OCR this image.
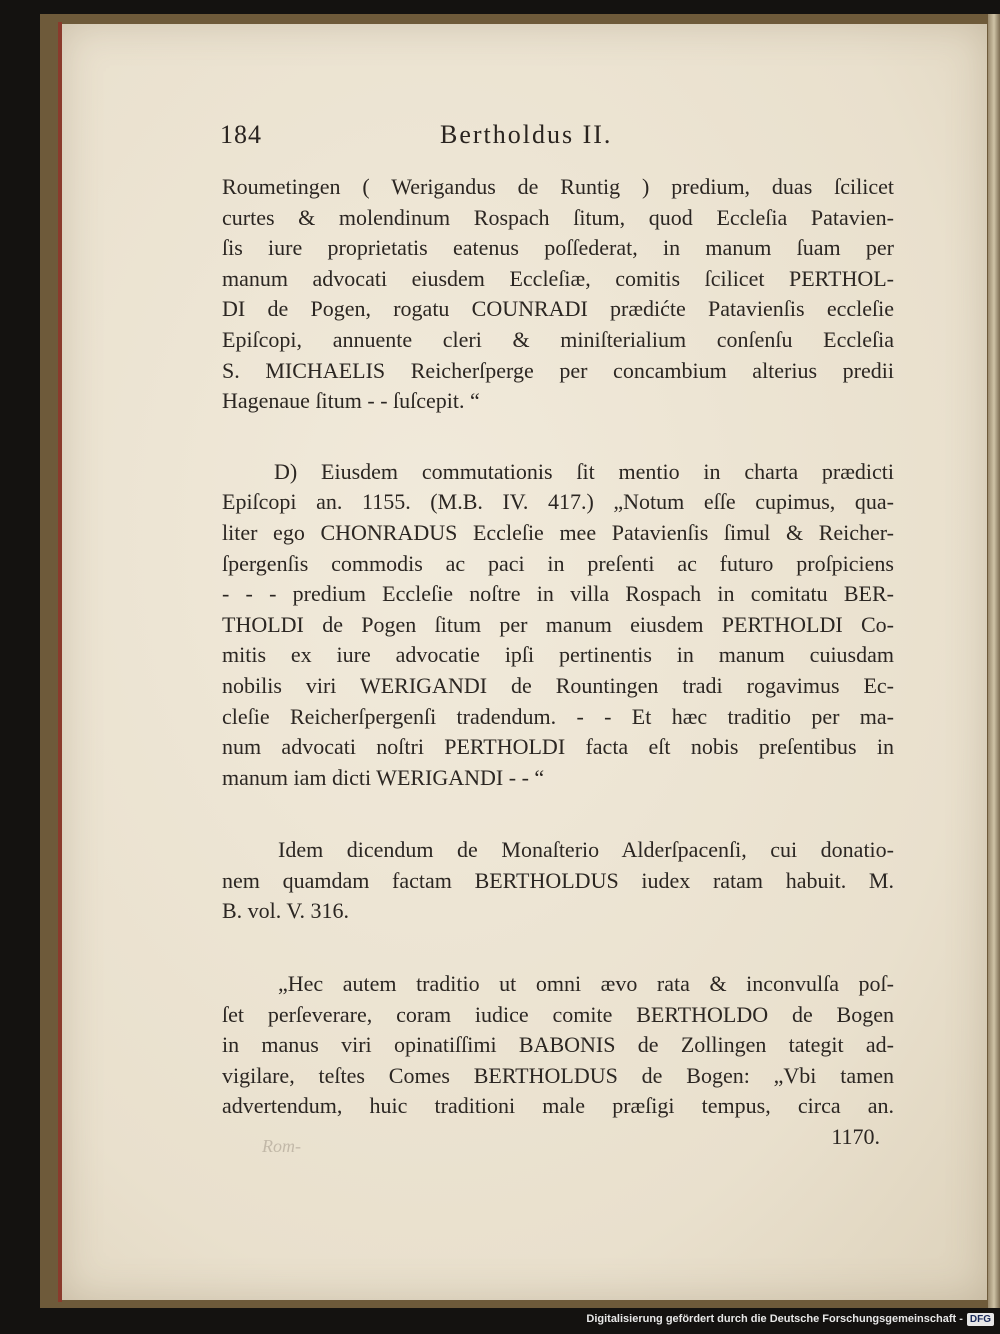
184	Bertholdus II.
Roumetingen ( Werigandus de Runtig ) predium, duas ſcilicet
curtes & molendinum Rospach ſitum, quod Eccleſia Patavien-
ſis iure proprietatis eatenus poſſederat, in manum ſuam per
manum advocati eiusdem Eccleſiæ, comitis ſcilicet PERTHOL-
DI de Pogen, rogatu COUNRADI prædićte Patavienſis eccleſie
Epiſcopi, annuente cleri & miniſterialium conſenſu Eccleſia
S. MICHAELIS Reicherſperge per concambium alterius predii
Hagenaue ſitum - - ſuſcepit. “
D) Eiusdem commutationis ſit mentio in charta prædicti
Epiſcopi an. 1155. (M.B. IV. 417.) „Notum eſſe cupimus, qua-
liter ego CHONRADUS Eccleſie mee Patavienſis ſimul & Reicher-
ſpergenſis commodis ac paci in preſenti ac futuro proſpiciens
- - - predium Eccleſie noſtre in villa Rospach in comitatu BER-
THOLDI de Pogen ſitum per manum eiusdem PERTHOLDI Co-
mitis ex iure advocatie ipſi pertinentis in manum cuiusdam
nobilis viri WERIGANDI de Rountingen tradi rogavimus Ec-
cleſie Reicherſpergenſi tradendum. - - Et hæc traditio per ma-
num advocati noſtri PERTHOLDI facta eſt nobis preſentibus in
manum iam dicti WERIGANDI - - “
Idem dicendum de Monaſterio Alderſpacenſi, cui donatio-
nem quamdam factam BERTHOLDUS iudex ratam habuit. M.
B. vol. V. 316.
„Hec autem traditio ut omni ævo rata & inconvulſa poſ-
ſet perſeverare, coram iudice comite BERTHOLDO de Bogen
in manus viri opinatiſſimi BABONIS de Zollingen tategit ad-
vigilare, teſtes Comes BERTHOLDUS de Bogen: „Vbi tamen
advertendum, huic traditioni male præſigi tempus, circa an.
1170.
Rom-
Digitalisierung gefördert durch die Deutsche Forschungsgemeinschaft - DFG
